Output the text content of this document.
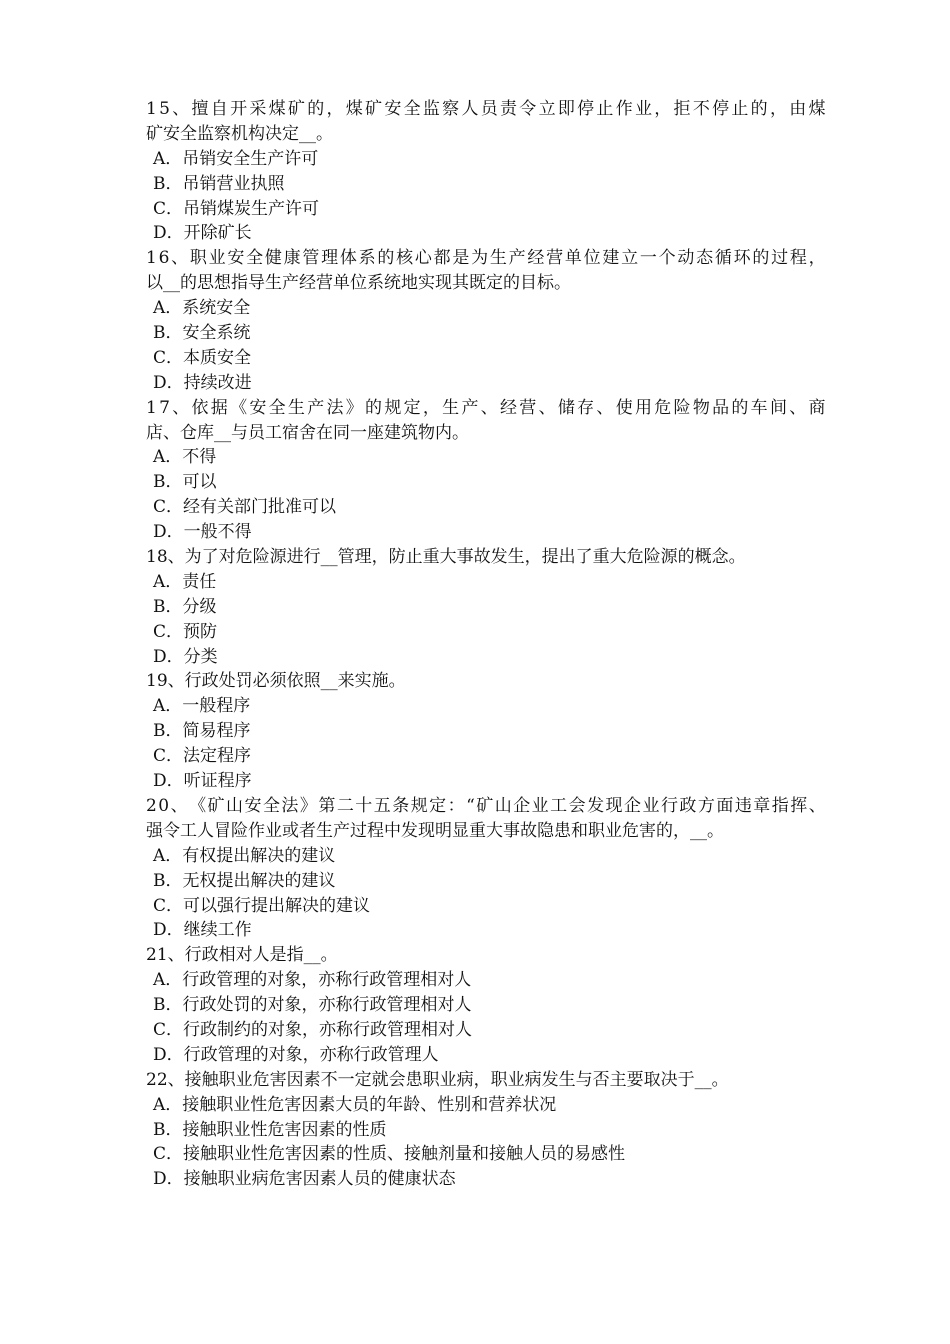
1 5 、 擅 自 开 采 煤 矿 的 ， 煤 矿 安 全 监 察 人 员 责 令 立 即 停 止 作 业 ， 拒 不 停 止 的 ， 由 煤
矿安全监察机构决定__。
A．吊销安全生产许可
B．吊销营业执照
C．吊销煤炭生产许可
D．开除矿长
1 6 、 职 业 安 全 健 康 管 理 体 系 的 核 心 都 是 为 生 产 经 营 单 位 建 立 一 个 动 态 循 环 的 过 程 ，
以__的思想指导生产经营单位系统地实现其既定的目标。
A．系统安全
B．安全系统
C．本质安全
D．持续改进
1 7 、 依 据 《 安 全 生 产 法 》 的 规 定 ， 生 产 、 经 营 、 储 存 、 使 用 危 险 物 品 的 车 间 、 商
店、仓库__与员工宿舍在同一座建筑物内。
A．不得
B．可以
C．经有关部门批准可以
D．一般不得
18、为了对危险源进行__管理，防止重大事故发生，提出了重大危险源的概念。
A．责任
B．分级
C．预防
D．分类
19、行政处罚必须依照__来实施。
A．一般程序
B．简易程序
C．法定程序
D．听证程序
2 0 、 《 矿 山 安 全 法 》 第 二 十 五 条 规 定 ： “ 矿 山 企 业 工 会 发 现 企 业 行 政 方 面 违 章 指 挥 、
强令工人冒险作业或者生产过程中发现明显重大事故隐患和职业危害的，__。
A．有权提出解决的建议
B．无权提出解决的建议
C．可以强行提出解决的建议
D．继续工作
21、行政相对人是指__。
A．行政管理的对象，亦称行政管理相对人
B．行政处罚的对象，亦称行政管理相对人
C．行政制约的对象，亦称行政管理相对人
D．行政管理的对象，亦称行政管理人
22、接触职业危害因素不一定就会患职业病，职业病发生与否主要取决于__。
A．接触职业性危害因素大员的年龄、性别和营养状况
B．接触职业性危害因素的性质
C．接触职业性危害因素的性质、接触剂量和接触人员的易感性
D．接触职业病危害因素人员的健康状态
